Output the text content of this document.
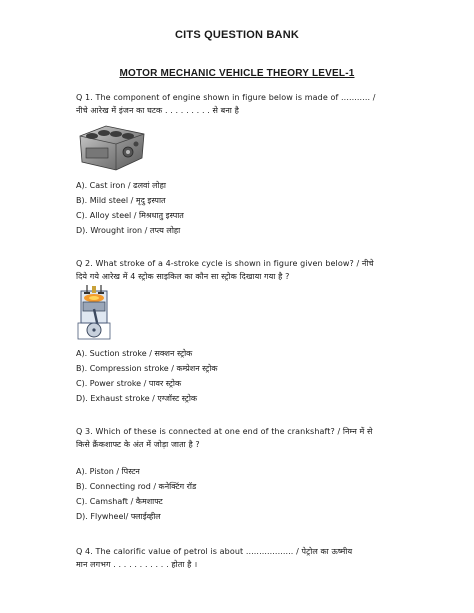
CITS QUESTION BANK
MOTOR MECHANIC VEHICLE THEORY LEVEL-1
Q 1. The component of engine shown in figure below is made of ........... /
नीचे आरेख में इंजन का घटक . . . . . . . . . से बना है
A). Cast iron / ढलवां लोहा
B). Mild steel / मृदु इस्पात
C). Alloy steel / मिश्रधातु इस्पात
D). Wrought iron / तप्त्य लोहा
Q 2. What stroke of a 4-stroke cycle is shown in figure given below? / नीचे
दिये गये आरेख में 4 स्ट्रोक साइकिल का कौन सा स्ट्रोक दिखाया गया है ?
A). Suction stroke / सक्शन स्ट्रोक
B). Compression stroke / कम्प्रेशन स्ट्रोक
C). Power stroke / पावर स्ट्रोक
D). Exhaust stroke / एग्जॉस्ट स्ट्रोक
Q 3. Which of these is connected at one end of the crankshaft? / निम्न में से
किसे क्रैंकशाफ्ट के अंत में जोड़ा जाता है ?
A). Piston / पिस्टन
B). Connecting rod / कनेक्टिंग रॉड
C). Camshaft / कैमशाफ्ट
D). Flywheel/ फ्लाईव्हील
Q 4. The calorific value of petrol is about .................. / पेट्रोल का ऊष्मीय
मान लगभग . . . . . . . . . . . होता है ।
